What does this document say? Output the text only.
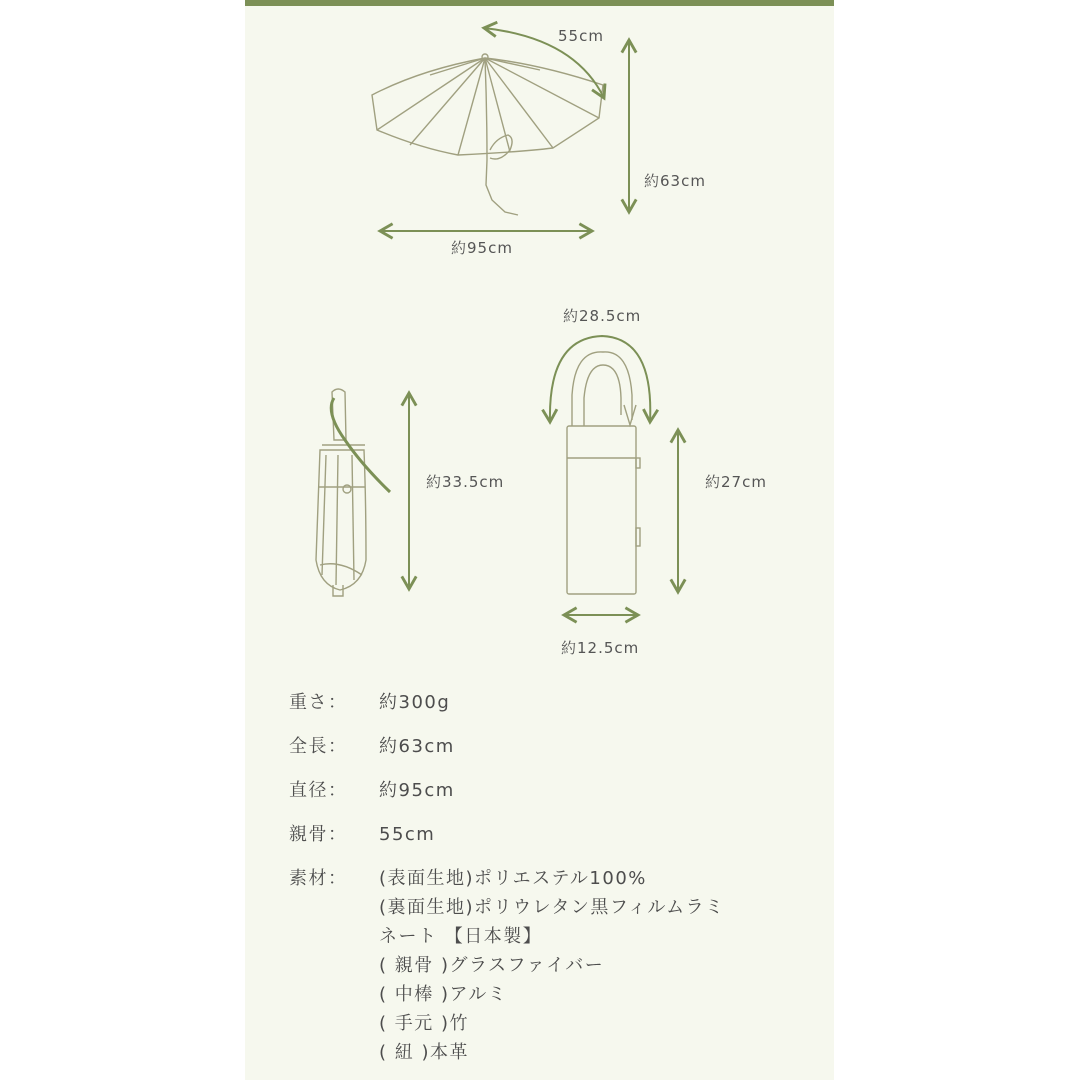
55cm
約63cm
約95cm
約28.5cm
約33.5cm	約27cm
約12.5cm
重さ：	約300g
全長：	約63cm
直径：	約95cm
親骨：	55cm
素材：	(表面生地)ポリエステル100%
(裏面生地)ポリウレタン黒フィルムラミ
ネート 【日本製】
( 親骨 )グラスファイバー
( 中棒 )アルミ
( 手元 )竹
( 紐 )本革
